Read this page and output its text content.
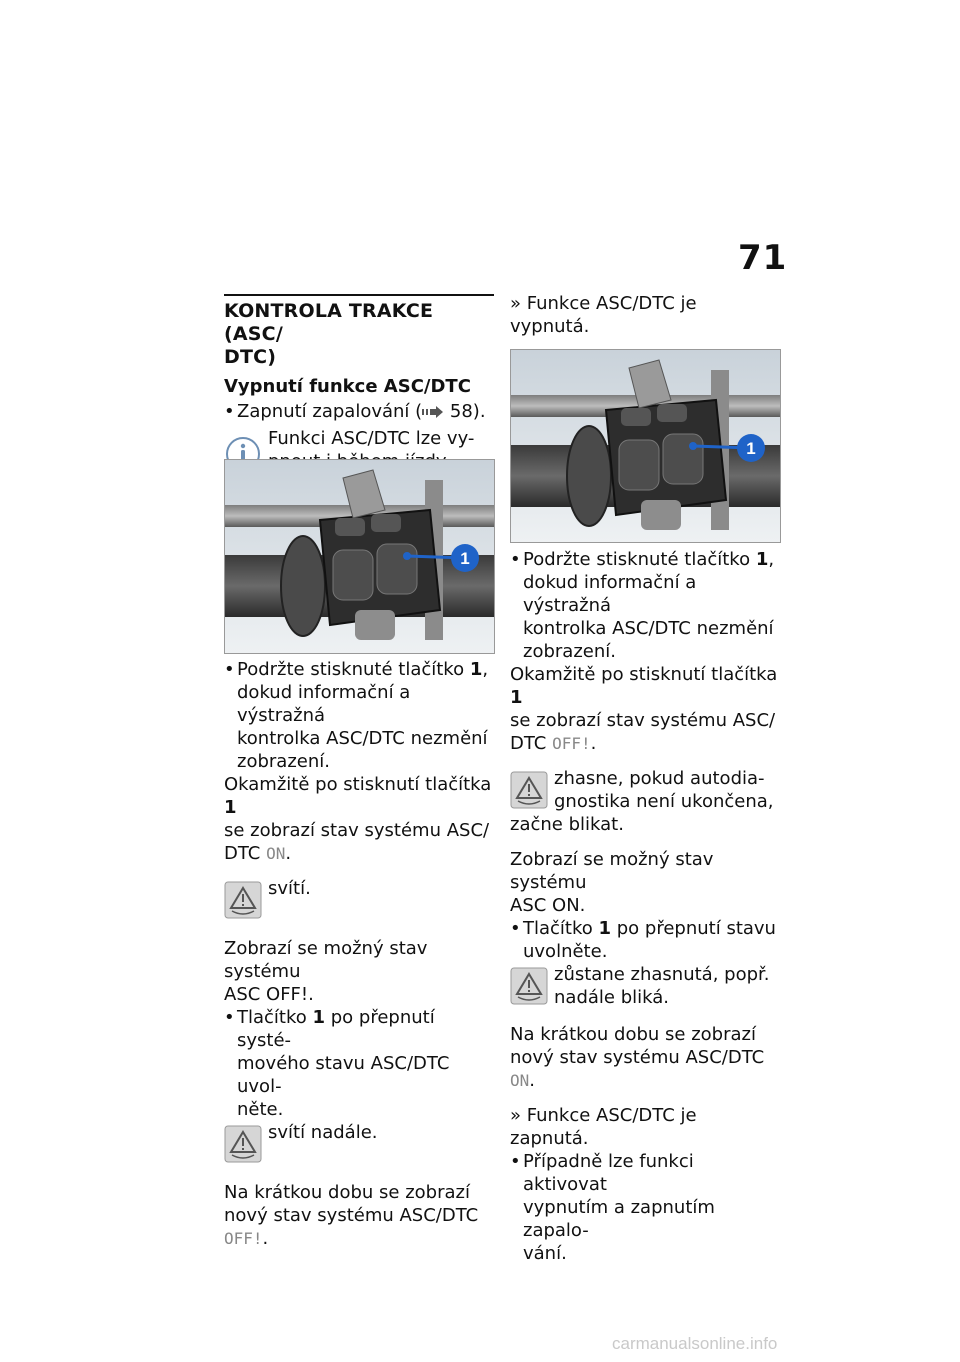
71

KONTROLA TRAKCE (ASC/
DTC)

Vypnutí funkce ASC/DTC

• Zapnutí zapalování ( 58).

Funkci ASC/DTC lze vy-

1

• Podržte stisknuté tlačítko 1,
dokud informační a výstražná
kontrolka ASC/DTC nezmění
zobrazení.

Okamžitě po stisknutí tlačítka 1
se zobrazí stav systému ASC/
DTC ON.

svítí.

Zobrazí se možný stav systému
ASC OFF!.

• Tlačítko 1 po přepnutí systé-
mového stavu ASC/DTC uvol-
něte.

svítí nadále.

Na krátkou dobu se zobrazí
nový stav systému ASC/DTC
OFF!.

» Funkce ASC/DTC je vypnutá.

1

• Podržte stisknuté tlačítko 1,
dokud informační a výstražná
kontrolka ASC/DTC nezmění
zobrazení.

Okamžitě po stisknutí tlačítka 1
se zobrazí stav systému ASC/
DTC OFF!.

zhasne, pokud autodia-
gnostika není ukončena,

začne blikat.

Zobrazí se možný stav systému
ASC ON.

• Tlačítko 1 po přepnutí stavu
uvolněte.

zůstane zhasnutá, popř.
nadále bliká.

Na krátkou dobu se zobrazí
nový stav systému ASC/DTC
ON.

» Funkce ASC/DTC je zapnutá.

• Případně lze funkci aktivovat
vypnutím a zapnutím zapalo-
vání.

carmanualsonline.info
